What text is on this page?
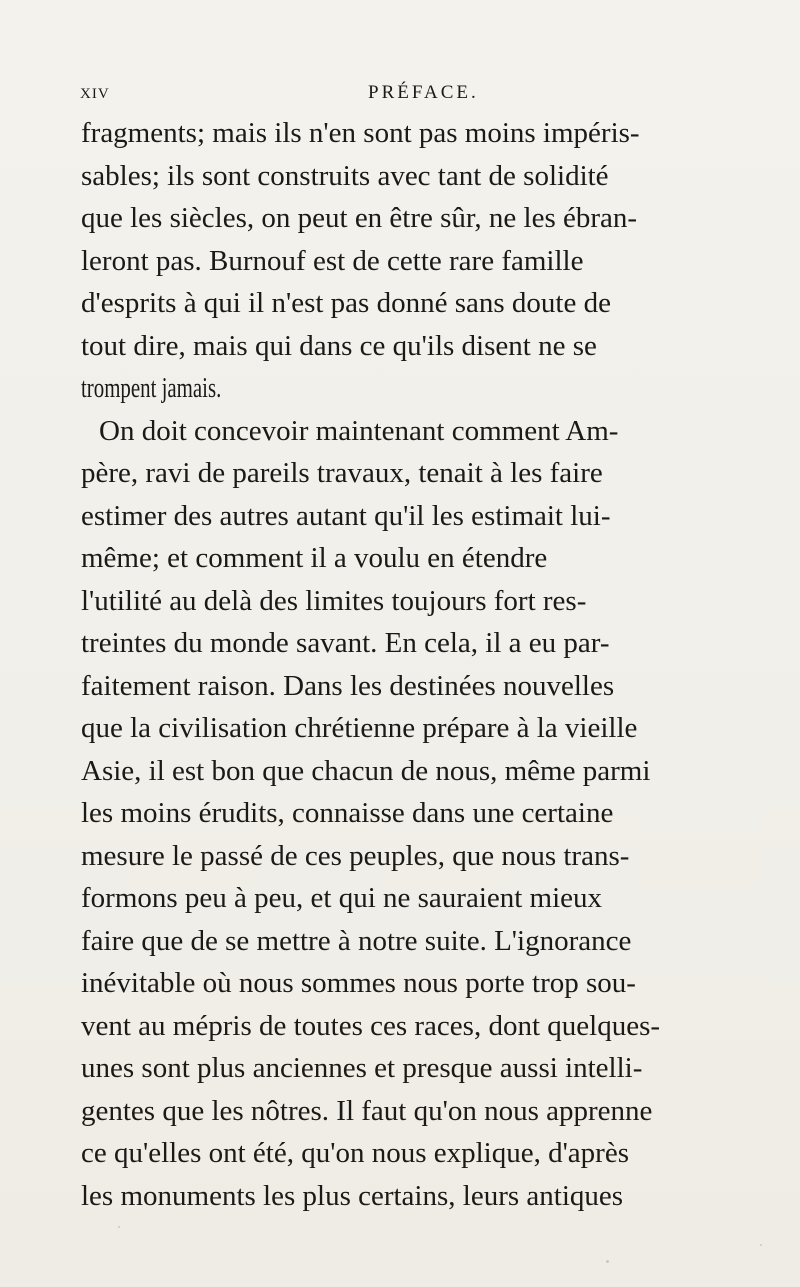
XIV	PRÉFACE.
fragments; mais ils n'en sont pas moins impéris-
sables; ils sont construits avec tant de solidité
que les siècles, on peut en être sûr, ne les ébran-
leront pas. Burnouf est de cette rare famille
d'esprits à qui il n'est pas donné sans doute de
tout dire, mais qui dans ce qu'ils disent ne se
trompent jamais.
On doit concevoir maintenant comment Am-
père, ravi de pareils travaux, tenait à les faire
estimer des autres autant qu'il les estimait lui-
même; et comment il a voulu en étendre
l'utilité au delà des limites toujours fort res-
treintes du monde savant. En cela, il a eu par-
faitement raison. Dans les destinées nouvelles
que la civilisation chrétienne prépare à la vieille
Asie, il est bon que chacun de nous, même parmi
les moins érudits, connaisse dans une certaine
mesure le passé de ces peuples, que nous trans-
formons peu à peu, et qui ne sauraient mieux
faire que de se mettre à notre suite. L'ignorance
inévitable où nous sommes nous porte trop sou-
vent au mépris de toutes ces races, dont quelques-
unes sont plus anciennes et presque aussi intelli-
gentes que les nôtres. Il faut qu'on nous apprenne
ce qu'elles ont été, qu'on nous explique, d'après
les monuments les plus certains, leurs antiques
